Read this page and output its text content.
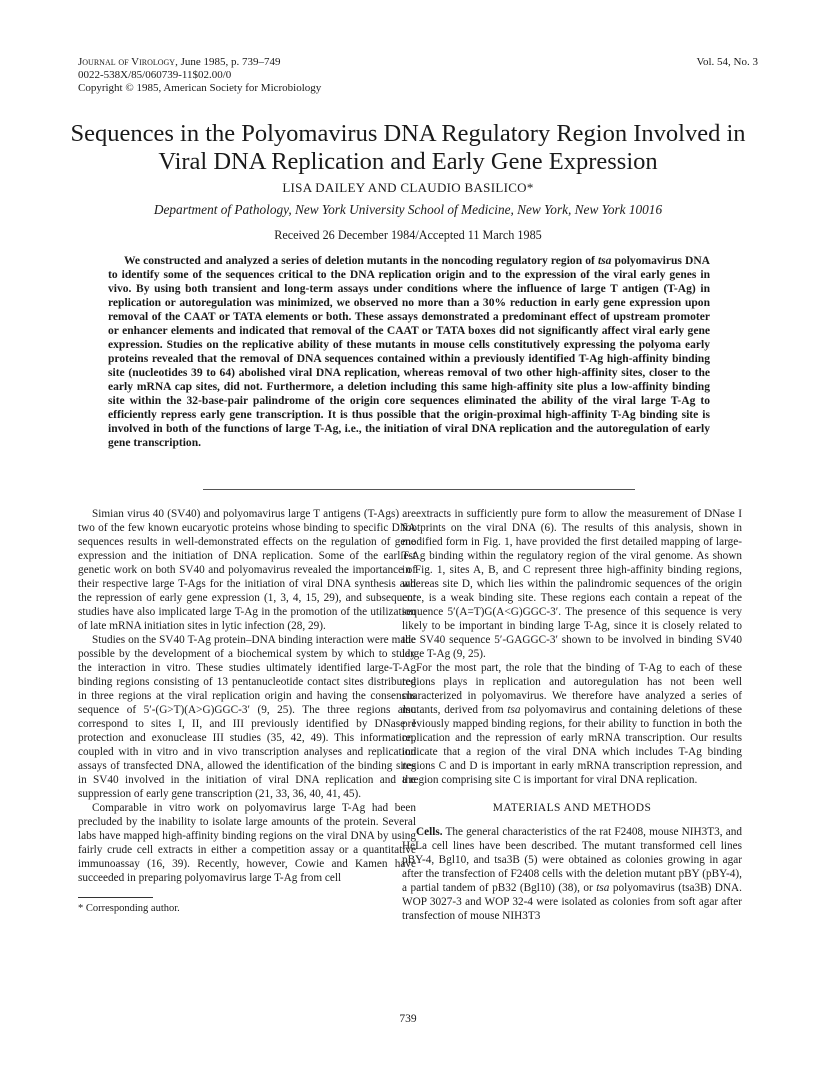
Journal of Virology, June 1985, p. 739–749
0022-538X/85/060739-11$02.00/0
Copyright © 1985, American Society for Microbiology
Vol. 54, No. 3
Sequences in the Polyomavirus DNA Regulatory Region Involved in
Viral DNA Replication and Early Gene Expression
LISA DAILEY AND CLAUDIO BASILICO*
Department of Pathology, New York University School of Medicine, New York, New York 10016
Received 26 December 1984/Accepted 11 March 1985
We constructed and analyzed a series of deletion mutants in the noncoding regulatory region of tsa polyomavirus DNA to identify some of the sequences critical to the DNA replication origin and to the expression of the viral early genes in vivo. By using both transient and long-term assays under conditions where the influence of large T antigen (T-Ag) in replication or autoregulation was minimized, we observed no more than a 30% reduction in early gene expression upon removal of the CAAT or TATA elements or both. These assays demonstrated a predominant effect of upstream promoter or enhancer elements and indicated that removal of the CAAT or TATA boxes did not significantly affect viral early gene expression. Studies on the replicative ability of these mutants in mouse cells constitutively expressing the polyoma early proteins revealed that the removal of DNA sequences contained within a previously identified T-Ag high-affinity binding site (nucleotides 39 to 64) abolished viral DNA replication, whereas removal of two other high-affinity sites, closer to the early mRNA cap sites, did not. Furthermore, a deletion including this same high-affinity site plus a low-affinity binding site within the 32-base-pair palindrome of the origin core sequences eliminated the ability of the viral large T-Ag to efficiently repress early gene transcription. It is thus possible that the origin-proximal high-affinity T-Ag binding site is involved in both of the functions of large T-Ag, i.e., the initiation of viral DNA replication and the autoregulation of early gene transcription.

Simian virus 40 (SV40) and polyomavirus large T antigens (T-Ags) are two of the few known eucaryotic proteins whose binding to specific DNA sequences results in well-demonstrated effects on the regulation of gene expression and the initiation of DNA replication. Some of the earliest genetic work on both SV40 and polyomavirus revealed the importance of their respective large T-Ags for the initiation of viral DNA synthesis and the repression of early gene expression (1, 3, 4, 15, 29), and subsequent studies have also implicated large T-Ag in the promotion of the utilization of late mRNA initiation sites in lytic infection (28, 29).

Studies on the SV40 T-Ag protein–DNA binding interaction were made possible by the development of a biochemical system by which to study the interaction in vitro. These studies ultimately identified large-T-Ag binding regions consisting of 13 pentanucleotide contact sites distributed in three regions at the viral replication origin and having the consensus sequence of 5′-(G>T)(A>G)GGC-3′ (9, 25). The three regions also correspond to sites I, II, and III previously identified by DNase I protection and exonuclease III studies (35, 42, 49). This information, coupled with in vitro and in vivo transcription analyses and replication assays of transfected DNA, allowed the identification of the binding sites in SV40 involved in the initiation of viral DNA replication and the suppression of early gene transcription (21, 33, 36, 40, 41, 45).

Comparable in vitro work on polyomavirus large T-Ag had been precluded by the inability to isolate large amounts of the protein. Several labs have mapped high-affinity binding regions on the viral DNA by using fairly crude cell extracts in either a competition assay or a quantitative immunoassay (16, 39). Recently, however, Cowie and Kamen have succeeded in preparing polyomavirus large T-Ag from cell

extracts in sufficiently pure form to allow the measurement of DNase I footprints on the viral DNA (6). The results of this analysis, shown in modified form in Fig. 1, have provided the first detailed mapping of large-T-Ag binding within the regulatory region of the viral genome. As shown in Fig. 1, sites A, B, and C represent three high-affinity binding regions, whereas site D, which lies within the palindromic sequences of the origin core, is a weak binding site. These regions each contain a repeat of the sequence 5′(A=T)G(A<G)GGC-3′. The presence of this sequence is very likely to be important in binding large T-Ag, since it is closely related to the SV40 sequence 5′-GAGGC-3′ shown to be involved in binding SV40 large T-Ag (9, 25).

For the most part, the role that the binding of T-Ag to each of these regions plays in replication and autoregulation has not been well characterized in polyomavirus. We therefore have analyzed a series of mutants, derived from tsa polyomavirus and containing deletions of these previously mapped binding regions, for their ability to function in both the replication and the repression of early mRNA transcription. Our results indicate that a region of the viral DNA which includes T-Ag binding regions C and D is important in early mRNA transcription repression, and a region comprising site C is important for viral DNA replication.

MATERIALS AND METHODS

Cells. The general characteristics of the rat F2408, mouse NIH3T3, and HeLa cell lines have been described. The mutant transformed cell lines pBY-4, Bgl10, and tsa3B (5) were obtained as colonies growing in agar after the transfection of F2408 cells with the deletion mutant pBY (pBY-4), a partial tandem of pB32 (Bgl10) (38), or tsa polyomavirus (tsa3B) DNA. WOP 3027-3 and WOP 32-4 were isolated as colonies from soft agar after transfection of mouse NIH3T3

* Corresponding author.
739
